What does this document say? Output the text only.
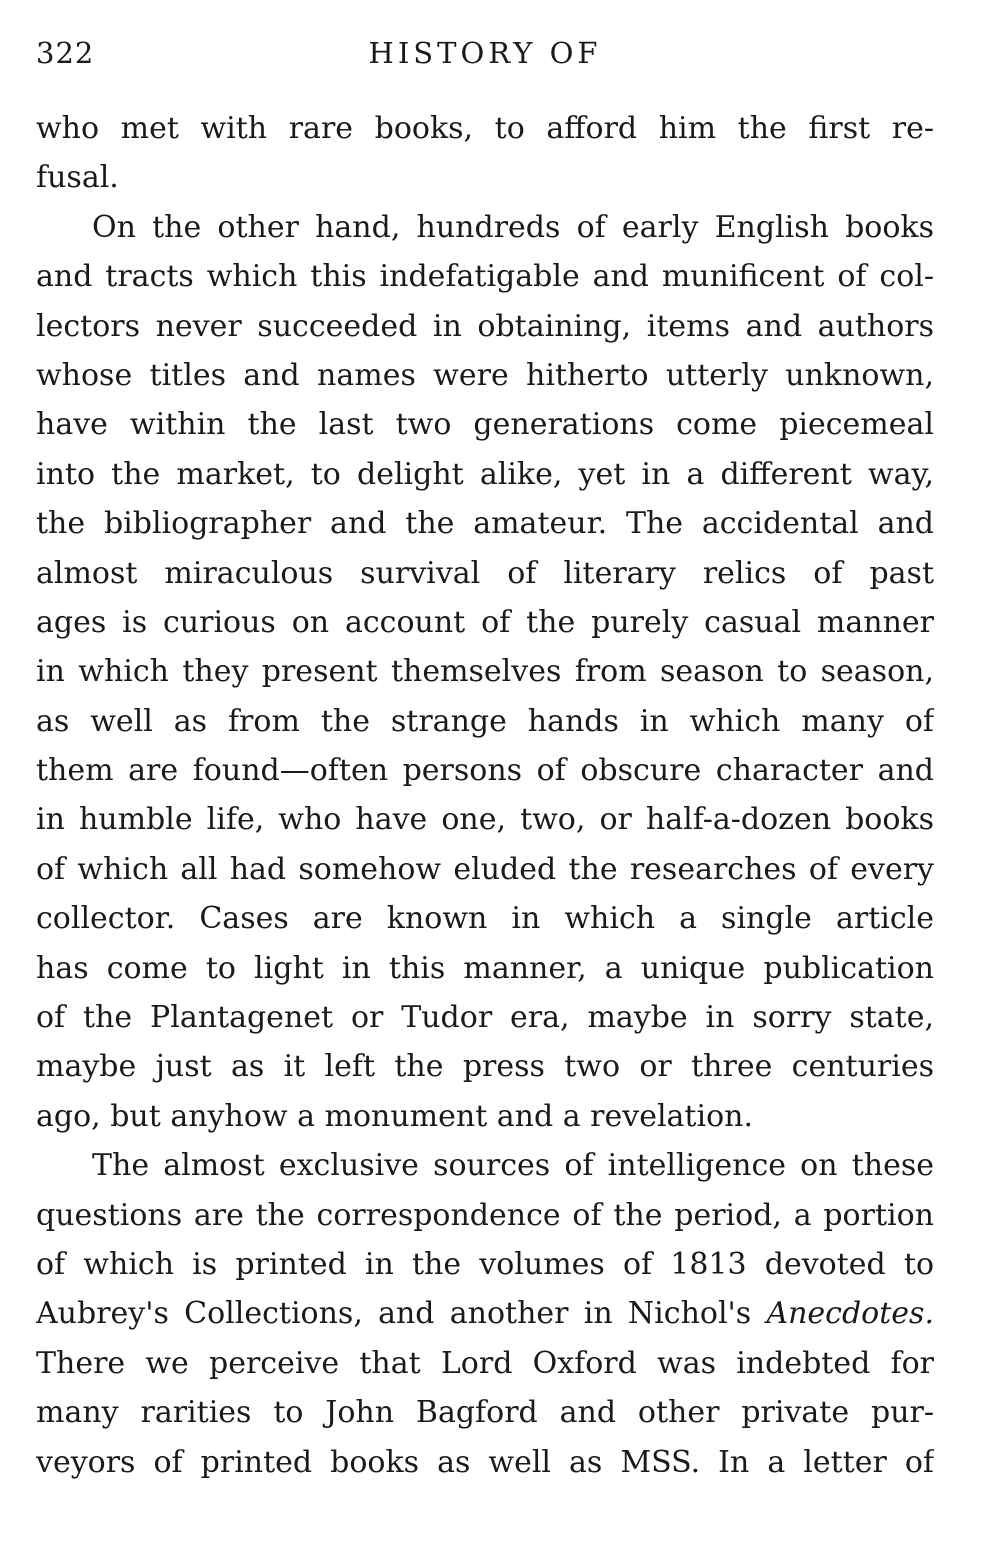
322	HISTORY OF
who met with rare books, to afford him the first re-
fusal.
On the other hand, hundreds of early English books
and tracts which this indefatigable and munificent of col-
lectors never succeeded in obtaining, items and authors
whose titles and names were hitherto utterly unknown,
have within the last two generations come piecemeal
into the market, to delight alike, yet in a different way,
the bibliographer and the amateur. The accidental and
almost miraculous survival of literary relics of past
ages is curious on account of the purely casual manner
in which they present themselves from season to season,
as well as from the strange hands in which many of
them are found—often persons of obscure character and
in humble life, who have one, two, or half-a-dozen books
of which all had somehow eluded the researches of every
collector. Cases are known in which a single article
has come to light in this manner, a unique publication
of the Plantagenet or Tudor era, maybe in sorry state,
maybe just as it left the press two or three centuries
ago, but anyhow a monument and a revelation.
The almost exclusive sources of intelligence on these
questions are the correspondence of the period, a portion
of which is printed in the volumes of 1813 devoted to
Aubrey's Collections, and another in Nichol's Anecdotes.
There we perceive that Lord Oxford was indebted for
many rarities to John Bagford and other private pur-
veyors of printed books as well as MSS. In a letter of
